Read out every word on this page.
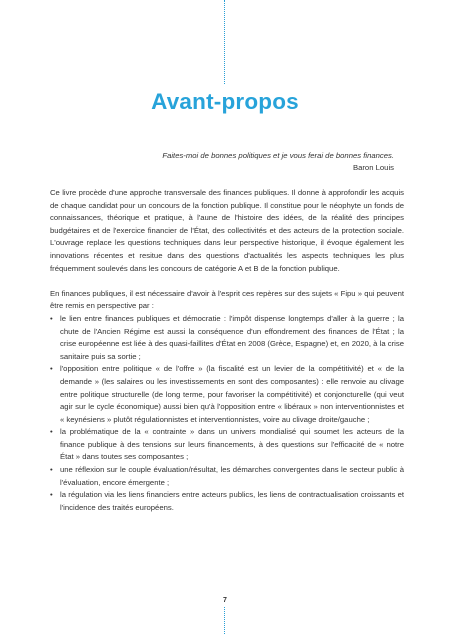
Avant-propos
Faites-moi de bonnes politiques et je vous ferai de bonnes finances.
Baron Louis

Ce livre procède d'une approche transversale des finances publiques. Il donne à approfondir les acquis de chaque candidat pour un concours de la fonction publique. Il constitue pour le néophyte un fonds de connaissances, théorique et pratique, à l'aune de l'histoire des idées, de la réalité des principes budgétaires et de l'exercice financier de l'État, des collectivités et des acteurs de la protection sociale. L'ouvrage replace les questions techniques dans leur perspective historique, il évoque également les innovations récentes et resitue dans des questions d'actualités les aspects techniques les plus fréquemment soulevés dans les concours de catégorie A et B de la fonction publique.

En finances publiques, il est nécessaire d'avoir à l'esprit ces repères sur des sujets « Fipu » qui peuvent être remis en perspective par :

• le lien entre finances publiques et démocratie : l'impôt dispense longtemps d'aller à la guerre ; la chute de l'Ancien Régime est aussi la conséquence d'un effondrement des finances de l'État ; la crise européenne est liée à des quasi-faillites d'État en 2008 (Grèce, Espagne) et, en 2020, à la crise sanitaire puis sa sortie ;
• l'opposition entre politique « de l'offre » (la fiscalité est un levier de la compétitivité) et « de la demande » (les salaires ou les investissements en sont des composantes) : elle renvoie au clivage entre politique structurelle (de long terme, pour favoriser la compétitivité) et conjoncturelle (qui veut agir sur le cycle économique) aussi bien qu'à l'opposition entre « libéraux » non interventionnistes et « keynésiens » plutôt régulationnistes et interventionnistes, voire au clivage droite/gauche ;
• la problématique de la « contrainte » dans un univers mondialisé qui soumet les acteurs de la finance publique à des tensions sur leurs financements, à des questions sur l'efficacité de « notre État » dans toutes ses composantes ;
• une réflexion sur le couple évaluation/résultat, les démarches convergentes dans le secteur public à l'évaluation, encore émergente ;
• la régulation via les liens financiers entre acteurs publics, les liens de contractualisation croissants et l'incidence des traités européens.
7
